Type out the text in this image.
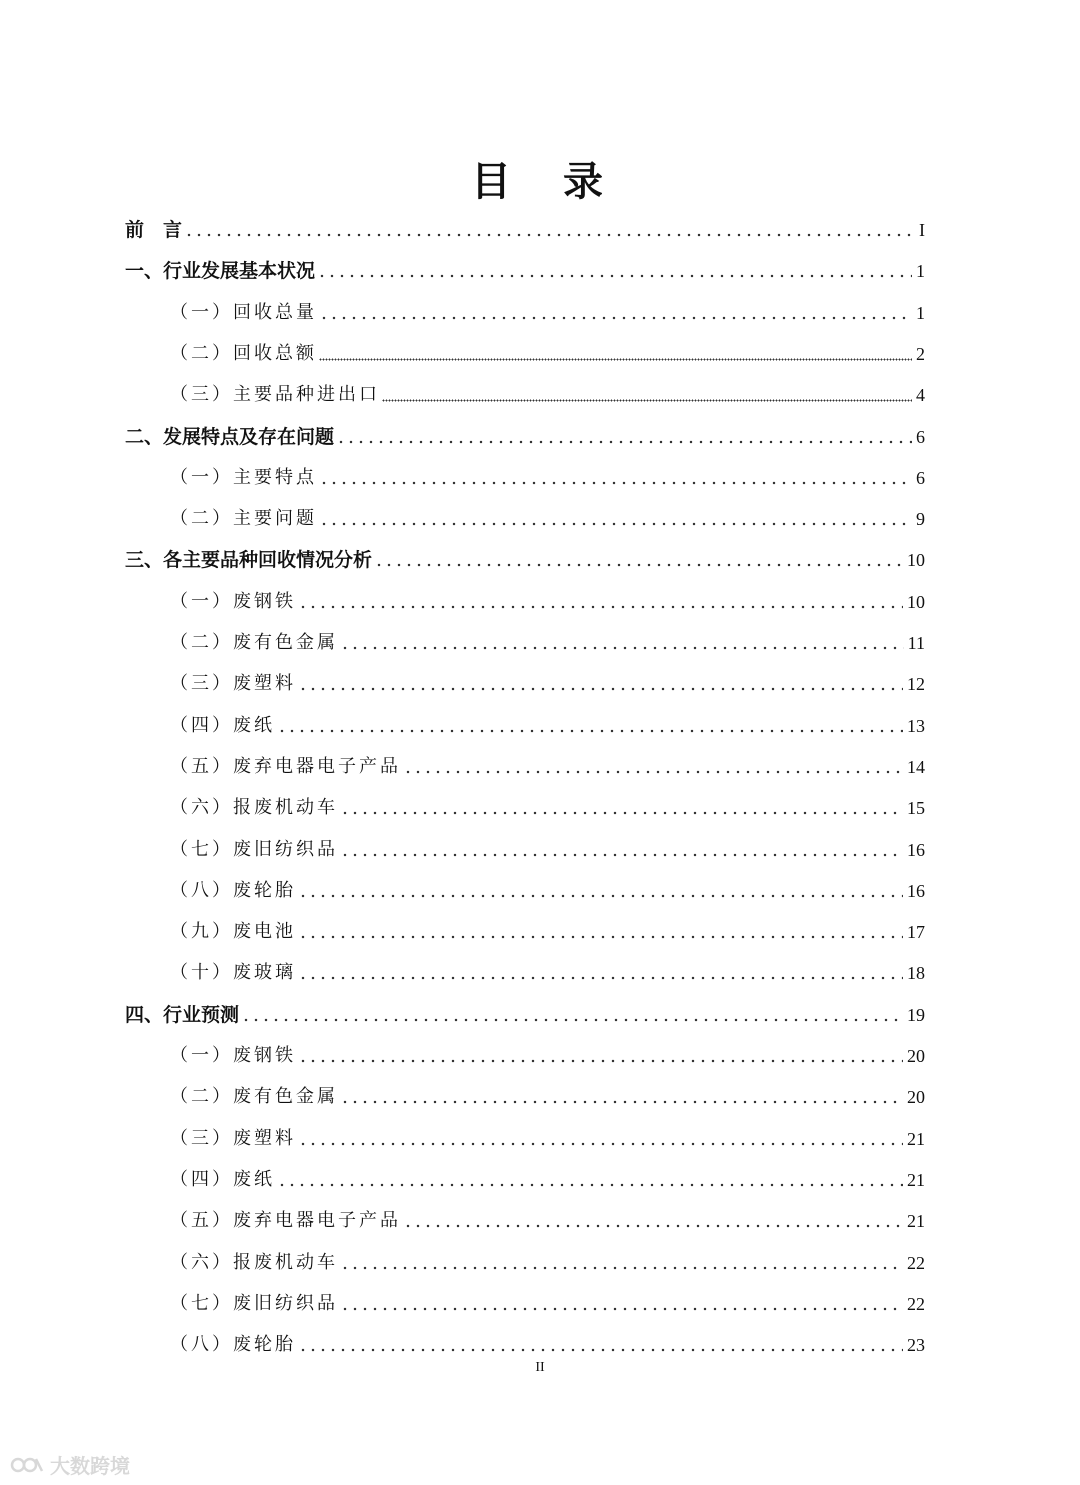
目　录
前　言	I
一、行业发展基本状况	1
（一）回收总量	1
（二）回收总额	2
（三）主要品种进出口	4
二、发展特点及存在问题	6
（一）主要特点	6
（二）主要问题	9
三、各主要品种回收情况分析	10
（一）废钢铁	10
（二）废有色金属	11
（三）废塑料	12
（四）废纸	13
（五）废弃电器电子产品	14
（六）报废机动车	15
（七）废旧纺织品	16
（八）废轮胎	16
（九）废电池	17
（十）废玻璃	18
四、行业预测	19
（一）废钢铁	20
（二）废有色金属	20
（三）废塑料	21
（四）废纸	21
（五）废弃电器电子产品	21
（六）报废机动车	22
（七）废旧纺织品	22
（八）废轮胎	23
II
大数跨境
